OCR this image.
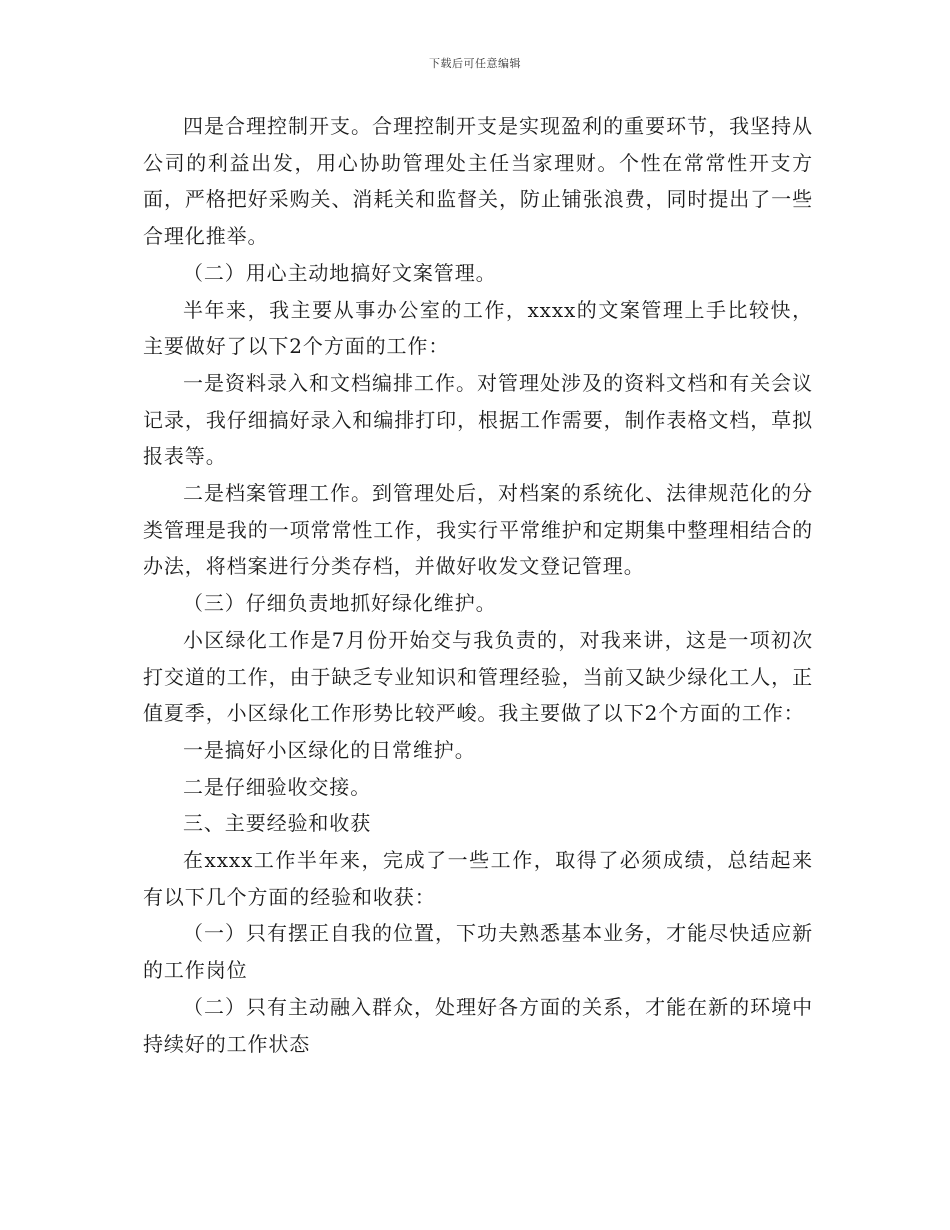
下载后可任意编辑

四是合理控制开支。合理控制开支是实现盈利的重要环节，我坚持从公司的利益出发，用心协助管理处主任当家理财。个性在常常性开支方面，严格把好采购关、消耗关和监督关，防止铺张浪费，同时提出了一些合理化推举。

（二）用心主动地搞好文案管理。

半年来，我主要从事办公室的工作，xxxx的文案管理上手比较快，主要做好了以下2个方面的工作：

一是资料录入和文档编排工作。对管理处涉及的资料文档和有关会议记录，我仔细搞好录入和编排打印，根据工作需要，制作表格文档，草拟报表等。

二是档案管理工作。到管理处后，对档案的系统化、法律规范化的分类管理是我的一项常常性工作，我实行平常维护和定期集中整理相结合的办法，将档案进行分类存档，并做好收发文登记管理。

（三）仔细负责地抓好绿化维护。

小区绿化工作是7月份开始交与我负责的，对我来讲，这是一项初次打交道的工作，由于缺乏专业知识和管理经验，当前又缺少绿化工人，正值夏季，小区绿化工作形势比较严峻。我主要做了以下2个方面的工作：

一是搞好小区绿化的日常维护。

二是仔细验收交接。

三、主要经验和收获

在xxxx工作半年来，完成了一些工作，取得了必须成绩，总结起来有以下几个方面的经验和收获：

（一）只有摆正自我的位置，下功夫熟悉基本业务，才能尽快适应新的工作岗位

（二）只有主动融入群众，处理好各方面的关系，才能在新的环境中持续好的工作状态
